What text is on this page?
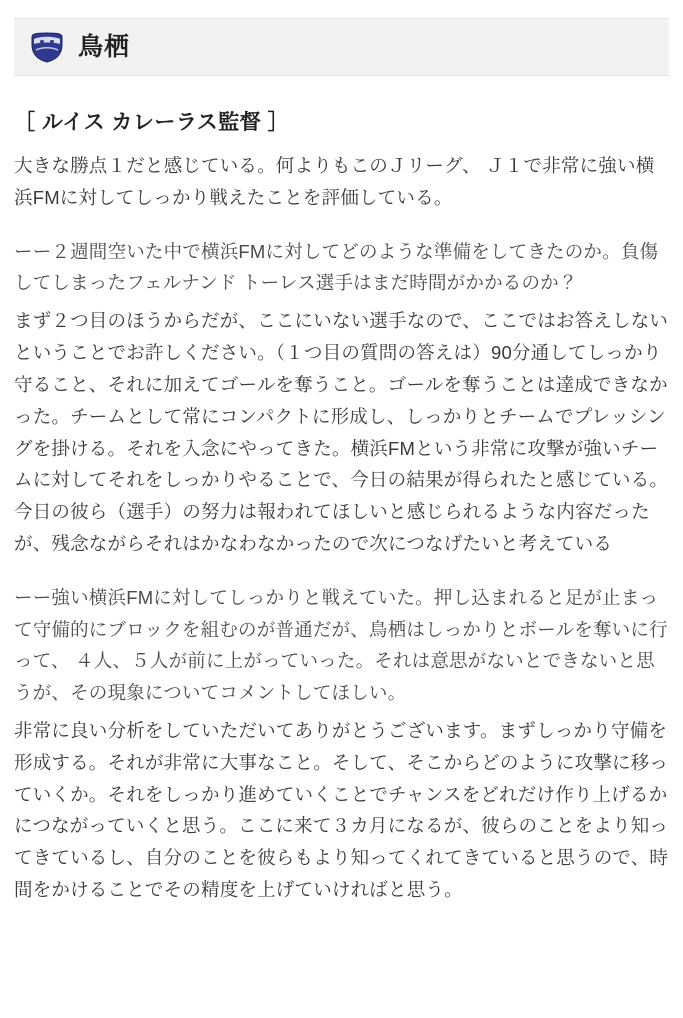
鳥栖
［ ルイス カレーラス監督 ］

大きな勝点１だと感じている。何よりもこのＪリーグ、 Ｊ１で非常に強い横浜FMに対してしっかり戦えたことを評価している。

ーー２週間空いた中で横浜FMに対してどのような準備をしてきたのか。負傷してしまったフェルナンド トーレス選手はまだ時間がかかるのか？

まず２つ目のほうからだが、ここにいない選手なので、ここではお答えしないということでお許しください。（１つ目の質問の答えは）90分通してしっかり守ること、それに加えてゴールを奪うこと。ゴールを奪うことは達成できなかった。チームとして常にコンパクトに形成し、しっかりとチームでプレッシングを掛ける。それを入念にやってきた。横浜FMという非常に攻撃が強いチームに対してそれをしっかりやることで、今日の結果が得られたと感じている。今日の彼ら（選手）の努力は報われてほしいと感じられるような内容だったが、残念ながらそれはかなわなかったので次につなげたいと考えている

ーー強い横浜FMに対してしっかりと戦えていた。押し込まれると足が止まって守備的にブロックを組むのが普通だが、鳥栖はしっかりとボールを奪いに行って、 ４人、５人が前に上がっていった。それは意思がないとできないと思うが、その現象についてコメントしてほしい。

非常に良い分析をしていただいてありがとうございます。まずしっかり守備を形成する。それが非常に大事なこと。そして、そこからどのように攻撃に移っていくか。それをしっかり進めていくことでチャンスをどれだけ作り上げるかにつながっていくと思う。ここに来て３カ月になるが、彼らのことをより知ってきているし、自分のことを彼らもより知ってくれてきていると思うので、時間をかけることでその精度を上げていければと思う。
